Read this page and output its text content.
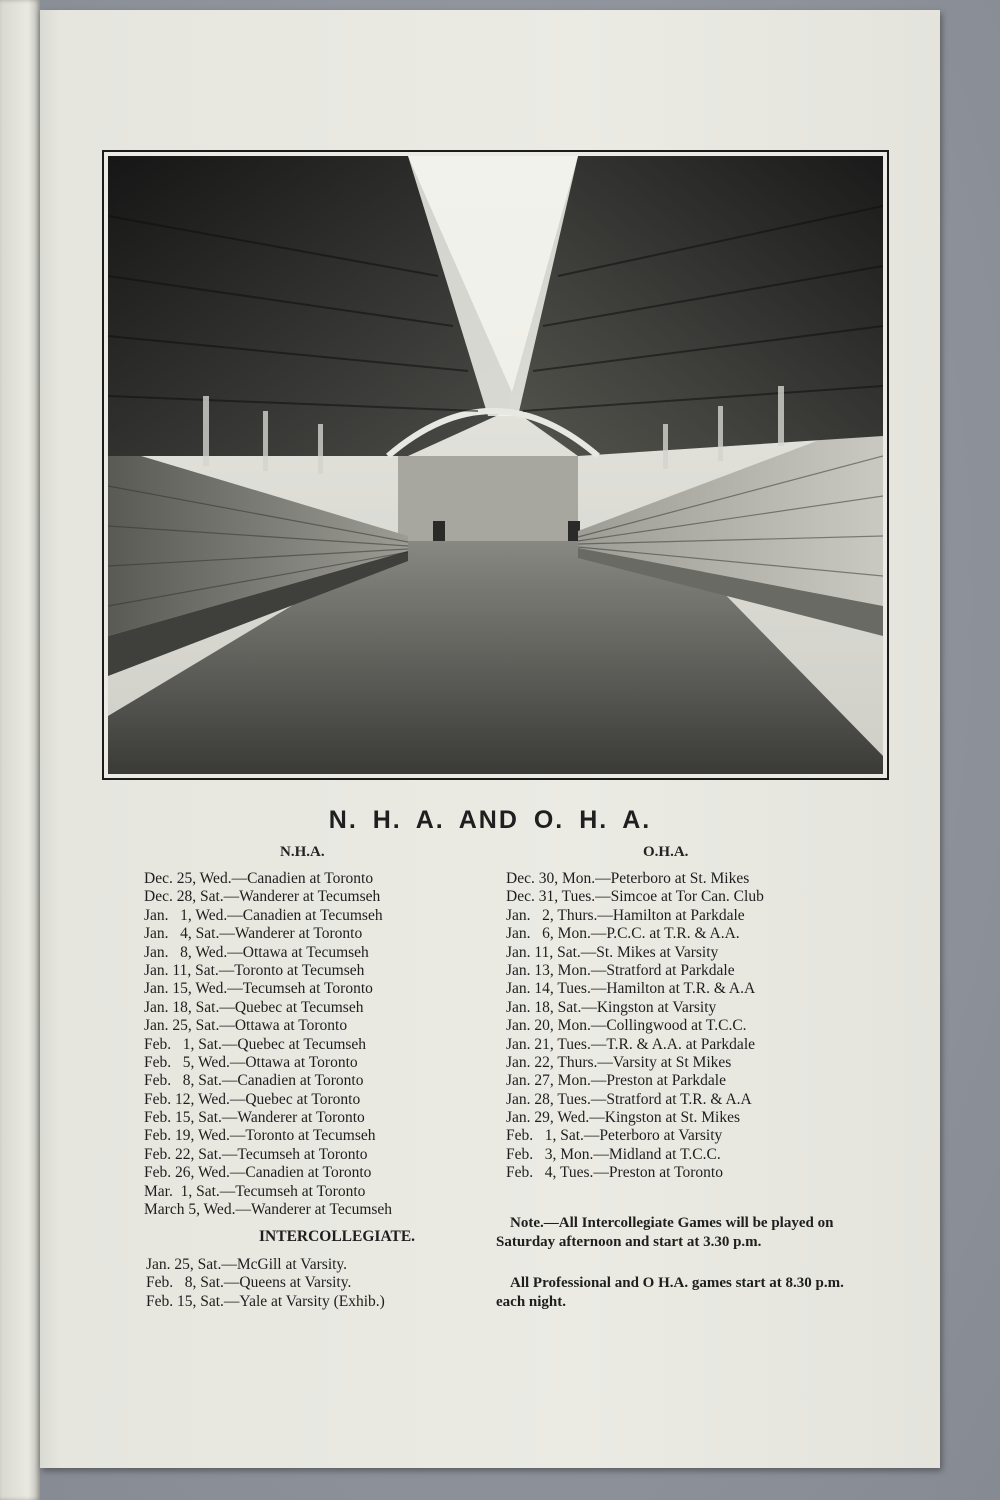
N. H. A. AND O. H. A.
N.H.A.	O.H.A.
Dec. 25, Wed.—Canadien at Toronto
Dec. 28, Sat.—Wanderer at Tecumseh
Jan.   1, Wed.—Canadien at Tecumseh
Jan.   4, Sat.—Wanderer at Toronto
Jan.   8, Wed.—Ottawa at Tecumseh
Jan. 11, Sat.—Toronto at Tecumseh
Jan. 15, Wed.—Tecumseh at Toronto
Jan. 18, Sat.—Quebec at Tecumseh
Jan. 25, Sat.—Ottawa at Toronto
Feb.   1, Sat.—Quebec at Tecumseh
Feb.   5, Wed.—Ottawa at Toronto
Feb.   8, Sat.—Canadien at Toronto
Feb. 12, Wed.—Quebec at Toronto
Feb. 15, Sat.—Wanderer at Toronto
Feb. 19, Wed.—Toronto at Tecumseh
Feb. 22, Sat.—Tecumseh at Toronto
Feb. 26, Wed.—Canadien at Toronto
Mar.  1, Sat.—Tecumseh at Toronto
March 5, Wed.—Wanderer at Tecumseh
INTERCOLLEGIATE.
Jan. 25, Sat.—McGill at Varsity.
Feb.   8, Sat.—Queens at Varsity.
Feb. 15, Sat.—Yale at Varsity (Exhib.)
Dec. 30, Mon.—Peterboro at St. Mikes
Dec. 31, Tues.—Simcoe at Tor Can. Club
Jan.   2, Thurs.—Hamilton at Parkdale
Jan.   6, Mon.—P.C.C. at T.R. & A.A.
Jan. 11, Sat.—St. Mikes at Varsity
Jan. 13, Mon.—Stratford at Parkdale
Jan. 14, Tues.—Hamilton at T.R. & A.A
Jan. 18, Sat.—Kingston at Varsity
Jan. 20, Mon.—Collingwood at T.C.C.
Jan. 21, Tues.—T.R. & A.A. at Parkdale
Jan. 22, Thurs.—Varsity at St Mikes
Jan. 27, Mon.—Preston at Parkdale
Jan. 28, Tues.—Stratford at T.R. & A.A
Jan. 29, Wed.—Kingston at St. Mikes
Feb.   1, Sat.—Peterboro at Varsity
Feb.   3, Mon.—Midland at T.C.C.
Feb.   4, Tues.—Preston at Toronto
Note.—All Intercollegiate Games will be played on Saturday afternoon and start at 3.30 p.m.
All Professional and O H.A. games start at 8.30 p.m. each night.
